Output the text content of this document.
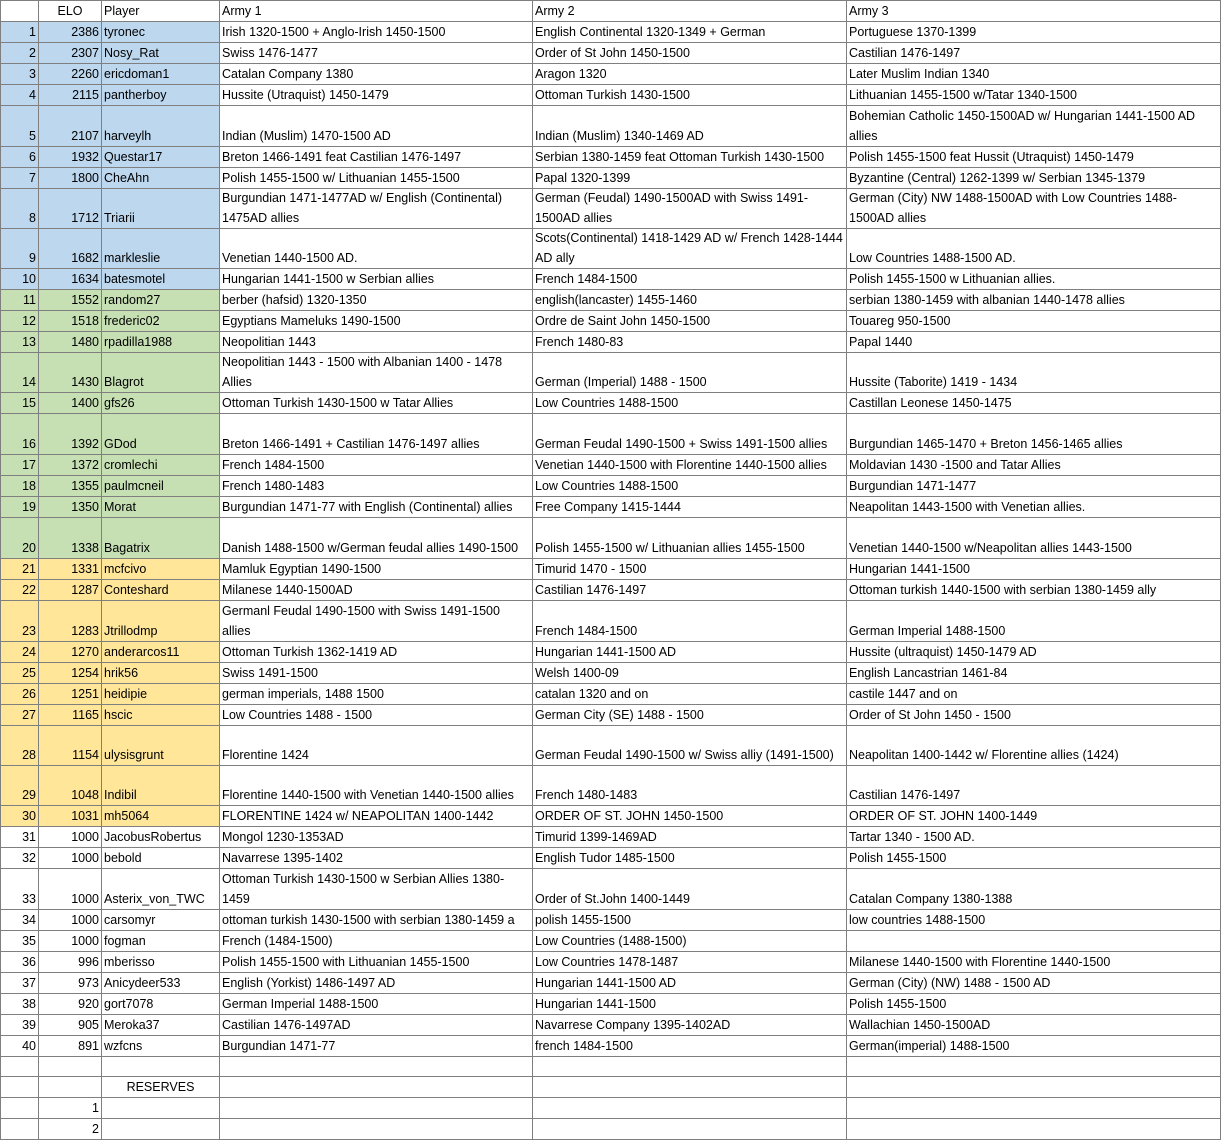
	ELO	Player	Army 1	Army 2	Army 3
1	2386	tyronec	Irish 1320-1500 + Anglo-Irish 1450-1500	English Continental 1320-1349 + German	Portuguese 1370-1399
2	2307	Nosy_Rat	Swiss 1476-1477	Order of St John 1450-1500	Castilian 1476-1497
3	2260	ericdoman1	Catalan Company 1380	Aragon 1320	Later Muslim Indian 1340
4	2115	pantherboy	Hussite (Utraquist) 1450-1479	Ottoman Turkish 1430-1500	Lithuanian 1455-1500 w/Tatar 1340-1500
5	2107	harveylh	Indian (Muslim) 1470-1500 AD	Indian (Muslim) 1340-1469 AD	Bohemian Catholic 1450-1500AD w/ Hungarian 1441-1500 AD allies
6	1932	Questar17	Breton 1466-1491 feat Castilian 1476-1497	Serbian 1380-1459 feat Ottoman Turkish 1430-1500	Polish 1455-1500 feat Hussit (Utraquist) 1450-1479
7	1800	CheAhn	Polish 1455-1500 w/ Lithuanian 1455-1500	Papal 1320-1399	Byzantine (Central) 1262-1399 w/ Serbian 1345-1379
8	1712	Triarii	Burgundian 1471-1477AD w/ English (Continental) 1475AD allies	German (Feudal) 1490-1500AD with Swiss 1491-1500AD allies	German (City) NW 1488-1500AD with Low Countries 1488-1500AD allies
9	1682	markleslie	Venetian 1440-1500 AD.	Scots(Continental) 1418-1429 AD w/ French 1428-1444 AD ally	Low Countries 1488-1500 AD.
10	1634	batesmotel	Hungarian 1441-1500 w Serbian allies	French 1484-1500	Polish 1455-1500 w Lithuanian allies.
11	1552	random27	berber (hafsid) 1320-1350	english(lancaster) 1455-1460	serbian 1380-1459 with albanian 1440-1478 allies
12	1518	frederic02	Egyptians Mameluks 1490-1500	Ordre de Saint John 1450-1500	Touareg 950-1500
13	1480	rpadilla1988	Neopolitian 1443	French 1480-83	Papal 1440
14	1430	Blagrot	Neopolitian 1443 - 1500 with Albanian 1400 - 1478 Allies	German (Imperial) 1488 - 1500	Hussite (Taborite) 1419 - 1434
15	1400	gfs26	Ottoman Turkish 1430-1500 w Tatar Allies	Low Countries 1488-1500	Castillan Leonese 1450-1475
16	1392	GDod	Breton 1466-1491 + Castilian 1476-1497 allies	German Feudal 1490-1500 + Swiss 1491-1500 allies	Burgundian 1465-1470 + Breton 1456-1465 allies
17	1372	cromlechi	French 1484-1500	Venetian 1440-1500 with Florentine 1440-1500 allies	Moldavian 1430 -1500 and Tatar Allies
18	1355	paulmcneil	French 1480-1483	Low Countries 1488-1500	Burgundian 1471-1477
19	1350	Morat	Burgundian 1471-77 with English (Continental) allies	Free Company 1415-1444	Neapolitan 1443-1500 with Venetian allies.
20	1338	Bagatrix	Danish 1488-1500 w/German feudal allies 1490-1500	Polish 1455-1500 w/ Lithuanian allies 1455-1500	Venetian 1440-1500 w/Neapolitan allies 1443-1500
21	1331	mcfcivo	Mamluk Egyptian 1490-1500	Timurid 1470 - 1500	Hungarian 1441-1500
22	1287	Conteshard	Milanese 1440-1500AD	Castilian 1476-1497	Ottoman turkish 1440-1500 with serbian 1380-1459 ally
23	1283	Jtrillodmp	Germanl Feudal 1490-1500 with Swiss 1491-1500 allies	French 1484-1500	German Imperial 1488-1500
24	1270	anderarcos11	Ottoman Turkish 1362-1419 AD	Hungarian 1441-1500 AD	Hussite (ultraquist) 1450-1479 AD
25	1254	hrik56	Swiss 1491-1500	Welsh 1400-09	English Lancastrian 1461-84
26	1251	heidipie	german imperials, 1488 1500	catalan 1320 and on	castile 1447 and on
27	1165	hscic	Low Countries 1488 - 1500	German City (SE) 1488 - 1500	Order of St John 1450 - 1500
28	1154	ulysisgrunt	Florentine 1424	German Feudal 1490-1500 w/ Swiss alliy (1491-1500)	Neapolitan 1400-1442 w/ Florentine allies (1424)
29	1048	Indibil	Florentine 1440-1500 with Venetian 1440-1500 allies	French 1480-1483	Castilian 1476-1497
30	1031	mh5064	FLORENTINE 1424 w/ NEAPOLITAN 1400-1442	ORDER OF ST. JOHN 1450-1500	ORDER OF ST. JOHN 1400-1449
31	1000	JacobusRobertus	Mongol 1230-1353AD	Timurid 1399-1469AD	Tartar 1340 - 1500 AD.
32	1000	bebold	Navarrese 1395-1402	English Tudor 1485-1500	Polish 1455-1500
33	1000	Asterix_von_TWC	Ottoman Turkish 1430-1500 w Serbian Allies 1380-1459	Order of St.John 1400-1449	Catalan Company 1380-1388
34	1000	carsomyr	ottoman turkish 1430-1500 with serbian 1380-1459 a	polish 1455-1500	low countries 1488-1500
35	1000	fogman	French (1484-1500)	Low Countries (1488-1500)	
36	996	mberisso	Polish 1455-1500 with Lithuanian 1455-1500	Low Countries 1478-1487	Milanese 1440-1500 with Florentine 1440-1500
37	973	Anicydeer533	English (Yorkist) 1486-1497 AD	Hungarian 1441-1500 AD	German (City) (NW) 1488 - 1500 AD
38	920	gort7078	German Imperial 1488-1500	Hungarian 1441-1500	Polish 1455-1500
39	905	Meroka37	Castilian 1476-1497AD	Navarrese Company 1395-1402AD	Wallachian 1450-1500AD
40	891	wzfcns	Burgundian 1471-77	french 1484-1500	German(imperial) 1488-1500

		RESERVES			
	1				
	2				
